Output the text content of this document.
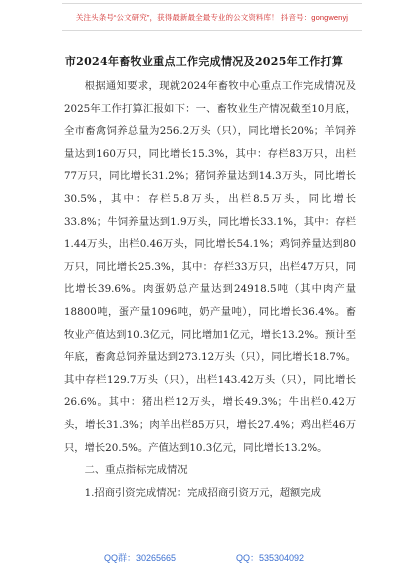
关注头条号“公文研究”，获得最新最全最专业的公文资料库！ 抖音号：gongwenyj
市2024年畜牧业重点工作完成情况及2025年工作打算

根据通知要求，现就2024年畜牧中心重点工作完成情况及2025年工作打算汇报如下：一、畜牧业生产情况截至10月底，全市畜禽饲养总量为256.2万头（只），同比增长20%；羊饲养量达到160万只，同比增长15.3%，其中：存栏83万只，出栏77万只，同比增长31.2%；猪饲养量达到14.3万头，同比增长30.5%，其中：存栏5.8万头，出栏8.5万头，同比增长33.8%；牛饲养量达到1.9万头，同比增长33.1%，其中：存栏1.44万头，出栏0.46万头，同比增长54.1%；鸡饲养量达到80万只，同比增长25.3%，其中：存栏33万只，出栏47万只，同比增长39.6%。肉蛋奶总产量达到24918.5吨（其中肉产量18800吨，蛋产量1096吨，奶产量吨），同比增长36.4%。畜牧业产值达到10.3亿元，同比增加1亿元，增长13.2%。预计至年底，畜禽总饲养量达到273.12万头（只），同比增长18.7%。其中存栏129.7万头（只），出栏143.42万头（只），同比增长26.6%。其中：猪出栏12万头，增长49.3%；牛出栏0.42万头，增长31.3%；肉羊出栏85万只，增长27.4%；鸡出栏46万只，增长20.5%。产值达到10.3亿元，同比增长13.2%。

二、重点指标完成情况

1.招商引资完成情况：完成招商引资万元，超额完成

QQ群：30265665	QQ：535304092
